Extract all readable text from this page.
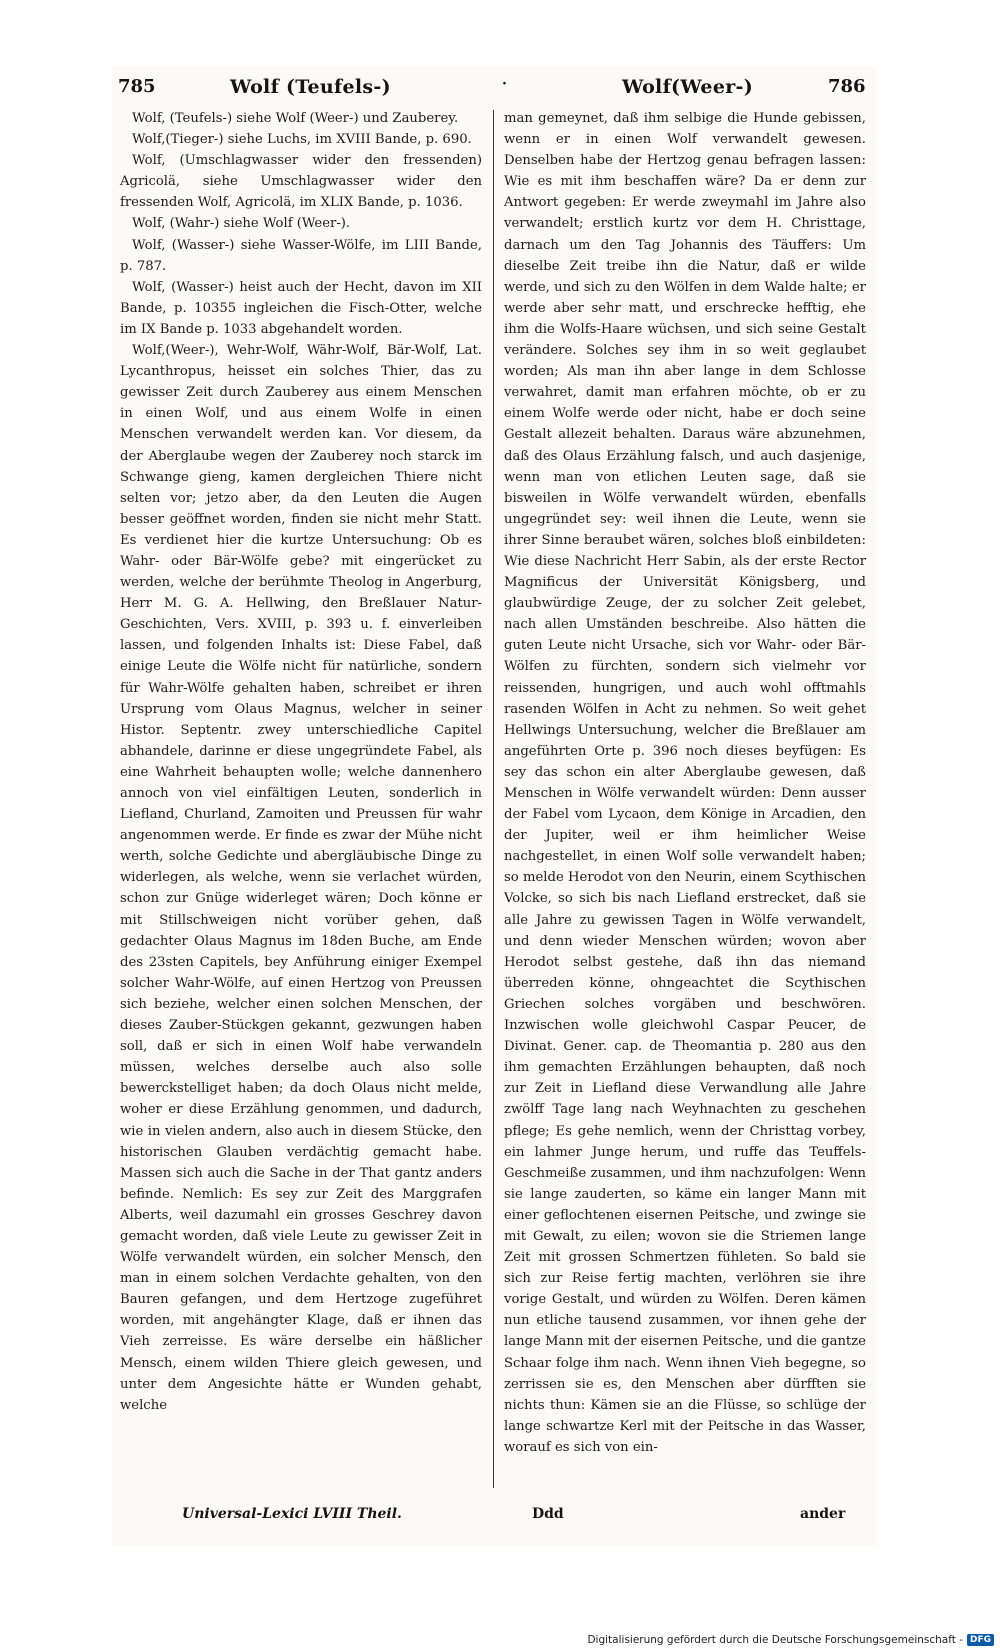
785	Wolf (Teufels-)	·	Wolf(Weer-)	786

Wolf, (Teufels-) siehe Wolf (Weer-) und Zauberey.

Wolf,(Tieger-) siehe Luchs, im XVIII Bande, p. 690.

Wolf, (Umschlagwasser wider den fressenden) Agricolä, siehe Umschlagwasser wider den fressenden Wolf, Agricolä, im XLIX Bande, p. 1036.

Wolf, (Wahr-) siehe Wolf (Weer-).

Wolf, (Wasser-) siehe Wasser-Wölfe, im LIII Bande, p. 787.

Wolf, (Wasser-) heist auch der Hecht, davon im XII Bande, p. 10355 ingleichen die Fisch-Otter, welche im IX Bande p. 1033 abgehandelt worden.

Wolf,(Weer-), Wehr-Wolf, Währ-Wolf, Bär-Wolf, Lat. Lycanthropus, heisset ein solches Thier, das zu gewisser Zeit durch Zauberey aus einem Menschen in einen Wolf, und aus einem Wolfe in einen Menschen verwandelt werden kan. Vor diesem, da der Aberglaube wegen der Zauberey noch starck im Schwange gieng, kamen dergleichen Thiere nicht selten vor; jetzo aber, da den Leuten die Augen besser geöffnet worden, finden sie nicht mehr Statt. Es verdienet hier die kurtze Untersuchung: Ob es Wahr- oder Bär-Wölfe gebe? mit eingerücket zu werden, welche der berühmte Theolog in Angerburg, Herr M. G. A. Hellwing, den Breßlauer Natur-Geschichten, Vers. XVIII, p. 393 u. f. einverleiben lassen, und folgenden Inhalts ist: Diese Fabel, daß einige Leute die Wölfe nicht für natürliche, sondern für Wahr-Wölfe gehalten haben, schreibet er ihren Ursprung vom Olaus Magnus, welcher in seiner Histor. Septentr. zwey unterschiedliche Capitel abhandele, darinne er diese ungegründete Fabel, als eine Wahrheit behaupten wolle; welche dannenhero annoch von viel einfältigen Leuten, sonderlich in Liefland, Churland, Zamoiten und Preussen für wahr angenommen werde. Er finde es zwar der Mühe nicht werth, solche Gedichte und abergläubische Dinge zu widerlegen, als welche, wenn sie verlachet würden, schon zur Gnüge widerleget wären; Doch könne er mit Stillschweigen nicht vorüber gehen, daß gedachter Olaus Magnus im 18den Buche, am Ende des 23sten Capitels, bey Anführung einiger Exempel solcher Wahr-Wölfe, auf einen Hertzog von Preussen sich beziehe, welcher einen solchen Menschen, der dieses Zauber-Stückgen gekannt, gezwungen haben soll, daß er sich in einen Wolf habe verwandeln müssen, welches derselbe auch also solle bewerckstelliget haben; da doch Olaus nicht melde, woher er diese Erzählung genommen, und dadurch, wie in vielen andern, also auch in diesem Stücke, den historischen Glauben verdächtig gemacht habe. Massen sich auch die Sache in der That gantz anders befinde. Nemlich: Es sey zur Zeit des Marggrafen Alberts, weil dazumahl ein grosses Geschrey davon gemacht worden, daß viele Leute zu gewisser Zeit in Wölfe verwandelt würden, ein solcher Mensch, den man in einem solchen Verdachte gehalten, von den Bauren gefangen, und dem Hertzoge zugeführet worden, mit angehängter Klage, daß er ihnen das Vieh zerreisse. Es wäre derselbe ein häßlicher Mensch, einem wilden Thiere gleich gewesen, und unter dem Angesichte hätte er Wunden gehabt, welche

man gemeynet, daß ihm selbige die Hunde gebissen, wenn er in einen Wolf verwandelt gewesen. Denselben habe der Hertzog genau befragen lassen: Wie es mit ihm beschaffen wäre? Da er denn zur Antwort gegeben: Er werde zweymahl im Jahre also verwandelt; erstlich kurtz vor dem H. Christtage, darnach um den Tag Johannis des Täuffers: Um dieselbe Zeit treibe ihn die Natur, daß er wilde werde, und sich zu den Wölfen in dem Walde halte; er werde aber sehr matt, und erschrecke hefftig, ehe ihm die Wolfs-Haare wüchsen, und sich seine Gestalt verändere. Solches sey ihm in so weit geglaubet worden; Als man ihn aber lange in dem Schlosse verwahret, damit man erfahren möchte, ob er zu einem Wolfe werde oder nicht, habe er doch seine Gestalt allezeit behalten. Daraus wäre abzunehmen, daß des Olaus Erzählung falsch, und auch dasjenige, wenn man von etlichen Leuten sage, daß sie bisweilen in Wölfe verwandelt würden, ebenfalls ungegründet sey: weil ihnen die Leute, wenn sie ihrer Sinne beraubet wären, solches bloß einbildeten: Wie diese Nachricht Herr Sabin, als der erste Rector Magnificus der Universität Königsberg, und glaubwürdige Zeuge, der zu solcher Zeit gelebet, nach allen Umständen beschreibe. Also hätten die guten Leute nicht Ursache, sich vor Wahr- oder Bär-Wölfen zu fürchten, sondern sich vielmehr vor reissenden, hungrigen, und auch wohl offtmahls rasenden Wölfen in Acht zu nehmen. So weit gehet Hellwings Untersuchung, welcher die Breßlauer am angeführten Orte p. 396 noch dieses beyfügen: Es sey das schon ein alter Aberglaube gewesen, daß Menschen in Wölfe verwandelt würden: Denn ausser der Fabel vom Lycaon, dem Könige in Arcadien, den der Jupiter, weil er ihm heimlicher Weise nachgestellet, in einen Wolf solle verwandelt haben; so melde Herodot von den Neurin, einem Scythischen Volcke, so sich bis nach Liefland erstrecket, daß sie alle Jahre zu gewissen Tagen in Wölfe verwandelt, und denn wieder Menschen würden; wovon aber Herodot selbst gestehe, daß ihn das niemand überreden könne, ohngeachtet die Scythischen Griechen solches vorgäben und beschwören. Inzwischen wolle gleichwohl Caspar Peucer, de Divinat. Gener. cap. de Theomantia p. 280 aus den ihm gemachten Erzählungen behaupten, daß noch zur Zeit in Liefland diese Verwandlung alle Jahre zwölff Tage lang nach Weyhnachten zu geschehen pflege; Es gehe nemlich, wenn der Christtag vorbey, ein lahmer Junge herum, und ruffe das Teuffels-Geschmeiße zusammen, und ihm nachzufolgen: Wenn sie lange zauderten, so käme ein langer Mann mit einer geflochtenen eisernen Peitsche, und zwinge sie mit Gewalt, zu eilen; wovon sie die Striemen lange Zeit mit grossen Schmertzen fühleten. So bald sie sich zur Reise fertig machten, verlöhren sie ihre vorige Gestalt, und würden zu Wölfen. Deren kämen nun etliche tausend zusammen, vor ihnen gehe der lange Mann mit der eisernen Peitsche, und die gantze Schaar folge ihm nach. Wenn ihnen Vieh begegne, so zerrissen sie es, den Menschen aber dürfften sie nichts thun: Kämen sie an die Flüsse, so schlüge der lange schwartze Kerl mit der Peitsche in das Wasser, worauf es sich von ein-

Universal-Lexici LVIII Theil.	Ddd	ander
Digitalisierung gefördert durch die Deutsche Forschungsgemeinschaft - DFG
